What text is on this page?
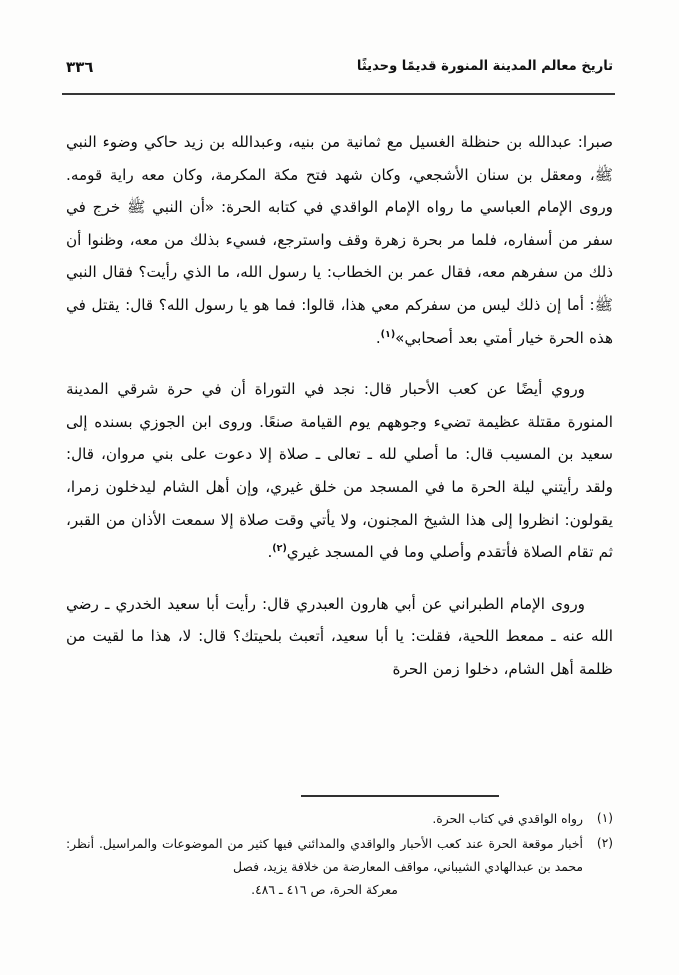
تاريخ معالم المدينة المنورة قديمًا وحديثًا
٣٣٦

صبرا: عبدالله بن حنظلة الغسيل مع ثمانية من بنيه، وعبدالله بن زيد حاكي وضوء النبي ﷺ، ومعقل بن سنان الأشجعي، وكان شهد فتح مكة المكرمة، وكان معه راية قومه. وروى الإمام العباسي ما رواه الإمام الواقدي في كتابه الحرة: «أن النبي ﷺ خرج في سفر من أسفاره، فلما مر بحرة زهرة وقف واسترجع، فسيء بذلك من معه، وظنوا أن ذلك من سفرهم معه، فقال عمر بن الخطاب: يا رسول الله، ما الذي رأيت؟ فقال النبي ﷺ: أما إن ذلك ليس من سفركم معي هذا، قالوا: فما هو يا رسول الله؟ قال: يقتل في هذه الحرة خيار أمتي بعد أصحابي»$^{(١)}$.

وروي أيضًا عن كعب الأحبار قال: نجد في التوراة أن في حرة شرقي المدينة المنورة مقتلة عظيمة تضيء وجوههم يوم القيامة صنعًا. وروى ابن الجوزي بسنده إلى سعيد بن المسيب قال: ما أصلي لله ـ تعالى ـ صلاة إلا دعوت على بني مروان، قال: ولقد رأيتني ليلة الحرة ما في المسجد من خلق غيري، وإن أهل الشام ليدخلون زمرا، يقولون: انظروا إلى هذا الشيخ المجنون، ولا يأتي وقت صلاة إلا سمعت الأذان من القبر، ثم تقام الصلاة فأتقدم وأصلي وما في المسجد غيري$^{(٢)}$.

وروى الإمام الطبراني عن أبي هارون العبدري قال: رأيت أبا سعيد الخدري ـ رضي الله عنه ـ ممعط اللحية، فقلت: يا أبا سعيد، أتعبث بلحيتك؟ قال: لا، هذا ما لقيت من ظلمة أهل الشام، دخلوا زمن الحرة

(١)
رواه الواقدي في كتاب الحرة.
(٢)
أخبار موقعة الحرة عند كعب الأحبار والواقدي والمدائني فيها كثير من الموضوعات والمراسيل. أنظر: محمد بن عبدالهادي الشيباني، مواقف المعارضة من خلافة يزيد، فصل
معركة الحرة، ص ٤١٦ ـ ٤٨٦.
